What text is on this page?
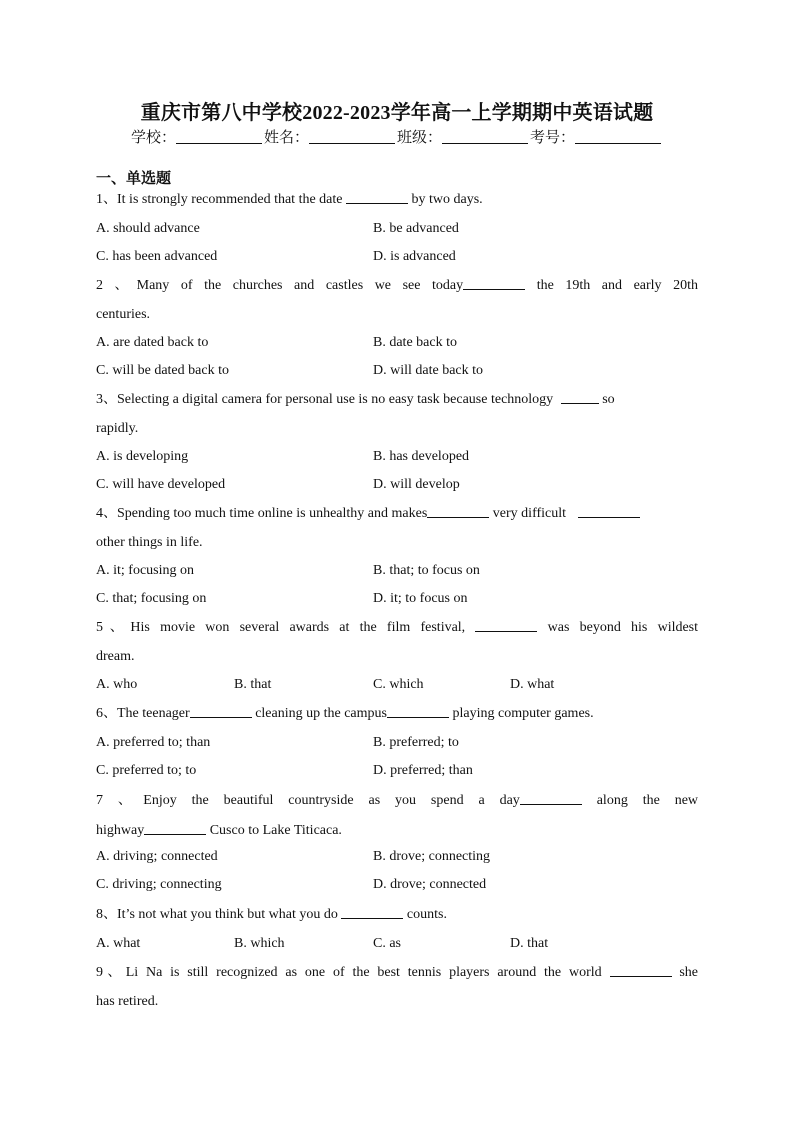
重庆市第八中学校2022-2023学年高一上学期期中英语试题
学校：	姓名：	班级：	考号：
一、单选题
1、It is strongly recommended that the date	by two days.
A. should advance	B. be advanced
C. has been advanced	D. is advanced
2 、Many of the churches and castles we see today	the 19th and early 20th
centuries.
A. are dated back to	B. date back to
C. will be dated back to	D. will date back to
3、Selecting a digital camera for personal use is no easy task because technology	so
rapidly.
A. is developing	B. has developed
C. will have developed	D. will develop
4、Spending too much time online is unhealthy and makes	very difficult
other things in life.
A. it; focusing on	B. that; to focus on
C. that; focusing on	D. it; to focus on
5、His movie won several awards at the film festival,	was beyond his wildest
dream.
A. who	B. that	C. which	D. what
6、The teenager	cleaning up the campus	playing computer games.
A. preferred to; than	B. preferred; to
C. preferred to; to	D. preferred; than
7 、Enjoy the beautiful countryside as you spend a day	along the new
highway	Cusco to Lake Titicaca.
A. driving; connected	B. drove; connecting
C. driving; connecting	D. drove; connected
8、It’s not what you think but what you do	counts.
A. what	B. which	C. as	D. that
9、Li Na is still recognized as one of the best tennis players around the world	she
has retired.
